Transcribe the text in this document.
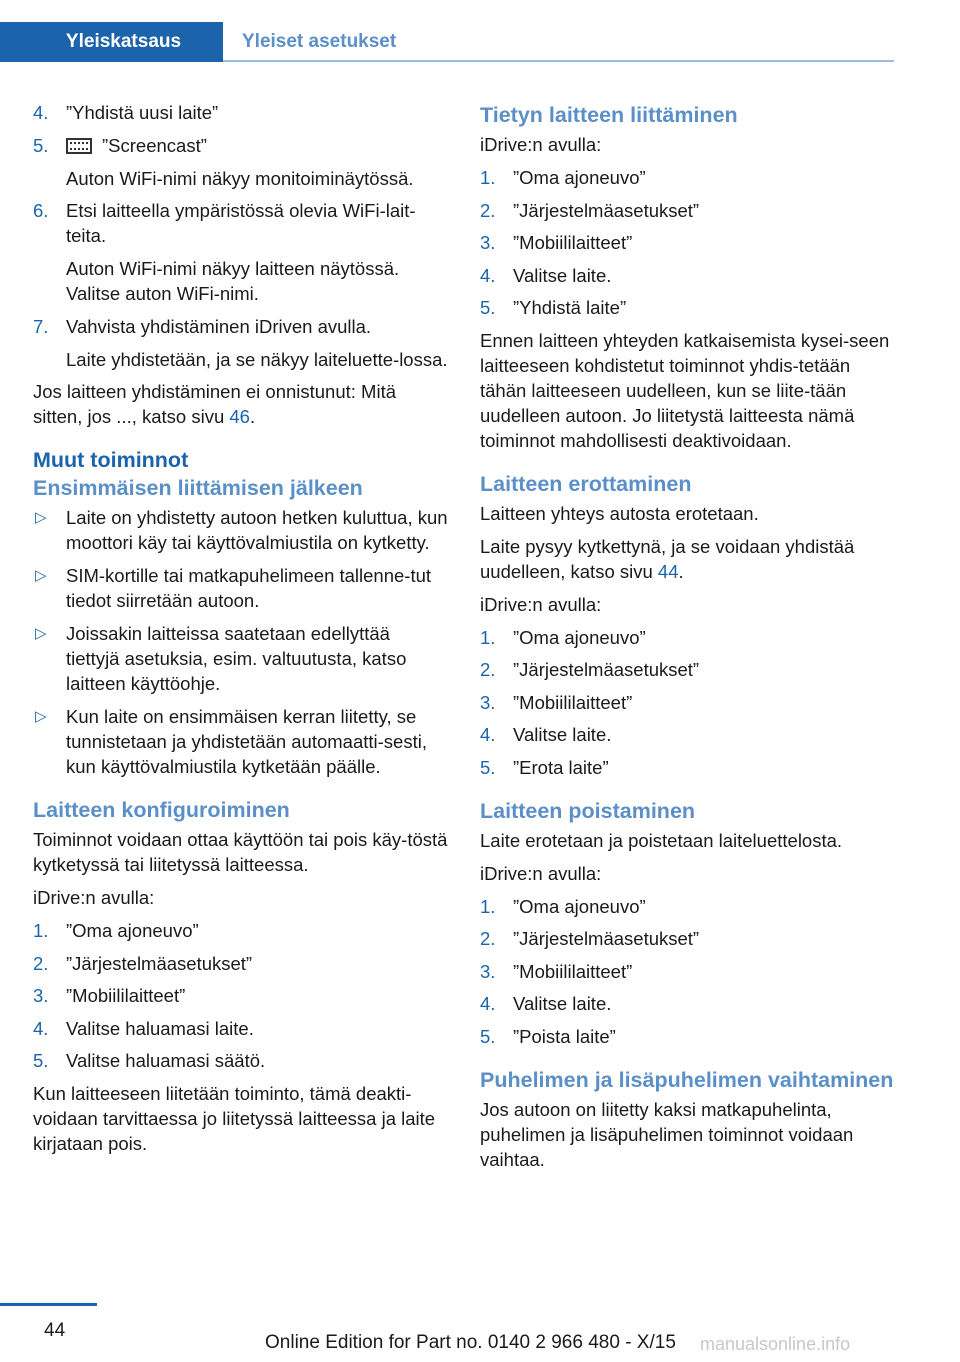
Yleiskatsaus	Yleiset asetukset
4. ”Yhdistä uusi laite”
5.	”Screencast”
Auton WiFi-nimi näkyy monitoiminäytössä.
6. Etsi laitteella ympäristössä olevia WiFi-lait‐teita.
Auton WiFi-nimi näkyy laitteen näytössä. Valitse auton WiFi-nimi.
7. Vahvista yhdistäminen iDriven avulla.
Laite yhdistetään, ja se näkyy laiteluette‐lossa.

Jos laitteen yhdistäminen ei onnistunut: Mitä sitten, jos ..., katso sivu 46.

Muut toiminnot
Ensimmäisen liittämisen jälkeen
▷ Laite on yhdistetty autoon hetken kuluttua, kun moottori käy tai käyttövalmiustila on kytketty.
▷ SIM-kortille tai matkapuhelimeen tallenne‐tut tiedot siirretään autoon.
▷ Joissakin laitteissa saatetaan edellyttää tiettyjä asetuksia, esim. valtuutusta, katso laitteen käyttöohje.
▷ Kun laite on ensimmäisen kerran liitetty, se tunnistetaan ja yhdistetään automaatti‐sesti, kun käyttövalmiustila kytketään päälle.
Laitteen konfiguroiminen

Toiminnot voidaan ottaa käyttöön tai pois käy‐töstä kytketyssä tai liitetyssä laitteessa.

iDrive:n avulla:

1. ”Oma ajoneuvo”
2. ”Järjestelmäasetukset”
3. ”Mobiililaitteet”
4. Valitse haluamasi laite.
5. Valitse haluamasi säätö.

Kun laitteeseen liitetään toiminto, tämä deakti‐voidaan tarvittaessa jo liitetyssä laitteessa ja laite kirjataan pois.

Tietyn laitteen liittäminen

iDrive:n avulla:

1. ”Oma ajoneuvo”
2. ”Järjestelmäasetukset”
3. ”Mobiililaitteet”
4. Valitse laite.
5. ”Yhdistä laite”

Ennen laitteen yhteyden katkaisemista kysei‐seen laitteeseen kohdistetut toiminnot yhdis‐tetään tähän laitteeseen uudelleen, kun se liite‐tään uudelleen autoon. Jo liitetystä laitteesta nämä toiminnot mahdollisesti deaktivoidaan.

Laitteen erottaminen

Laitteen yhteys autosta erotetaan.

Laite pysyy kytkettynä, ja se voidaan yhdistää uudelleen, katso sivu 44.

iDrive:n avulla:

1. ”Oma ajoneuvo”
2. ”Järjestelmäasetukset”
3. ”Mobiililaitteet”
4. Valitse laite.
5. ”Erota laite”
Laitteen poistaminen

Laite erotetaan ja poistetaan laiteluettelosta.

iDrive:n avulla:

1. ”Oma ajoneuvo”
2. ”Järjestelmäasetukset”
3. ”Mobiililaitteet”
4. Valitse laite.
5. ”Poista laite”
Puhelimen ja lisäpuhelimen vaihtaminen

Jos autoon on liitetty kaksi matkapuhelinta, puhelimen ja lisäpuhelimen toiminnot voidaan vaihtaa.

44
Online Edition for Part no. 0140 2 966 480 - X/15 manualsonline.info
